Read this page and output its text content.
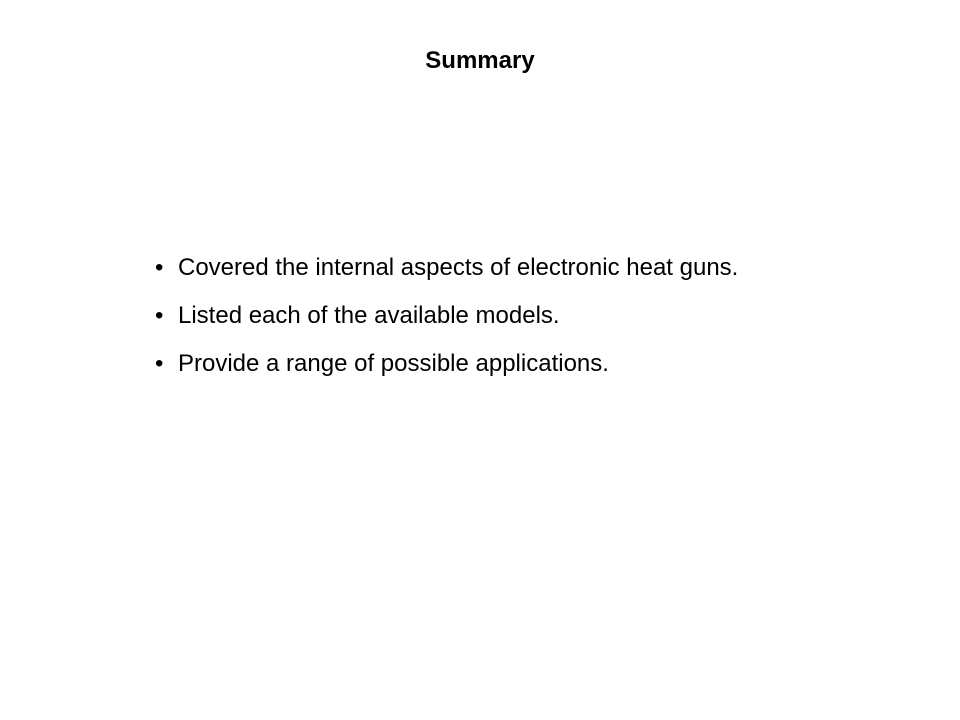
Summary
• Covered the internal aspects of electronic heat guns.
• Listed each of the available models.
• Provide a range of possible applications.
